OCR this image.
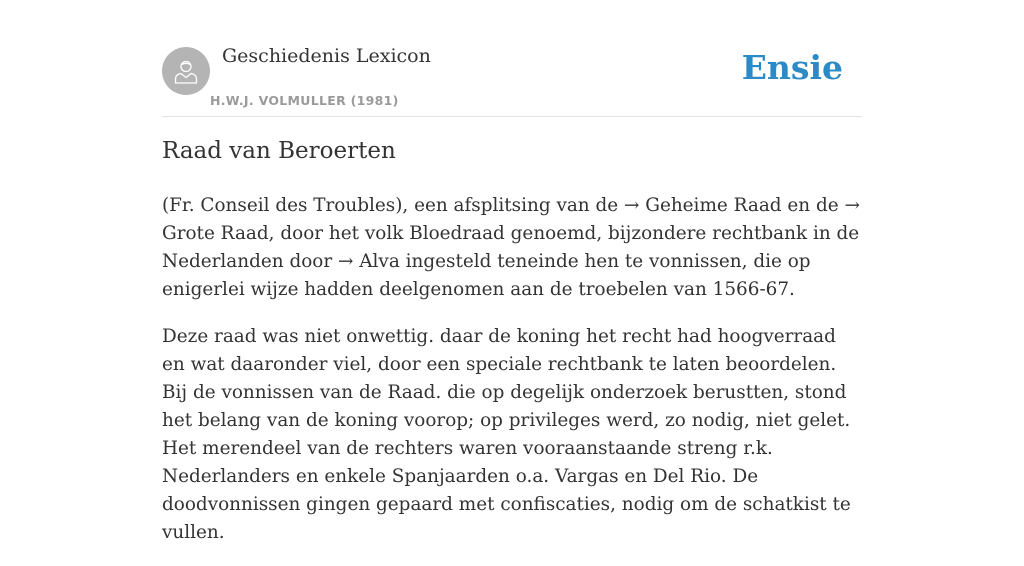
Geschiedenis Lexicon
H.W.J. VOLMULLER (1981)
Ensie
Raad van Beroerten

(Fr. Conseil des Troubles), een afsplitsing van de → Geheime Raad en de → Grote Raad, door het volk Bloedraad genoemd, bijzondere rechtbank in de Nederlanden door → Alva ingesteld teneinde hen te vonnissen, die op enigerlei wijze hadden deelgenomen aan de troebelen van 1566-67.

Deze raad was niet onwettig. daar de koning het recht had hoogverraad en wat daaronder viel, door een speciale rechtbank te laten beoordelen. Bij de vonnissen van de Raad. die op degelijk onderzoek berustten, stond het belang van de koning voorop; op privileges werd, zo nodig, niet gelet. Het merendeel van de rechters waren vooraanstaande streng r.k. Nederlanders en enkele Spanjaarden o.a. Vargas en Del Rio. De doodvonnissen gingen gepaard met confiscaties, nodig om de schatkist te vullen.
